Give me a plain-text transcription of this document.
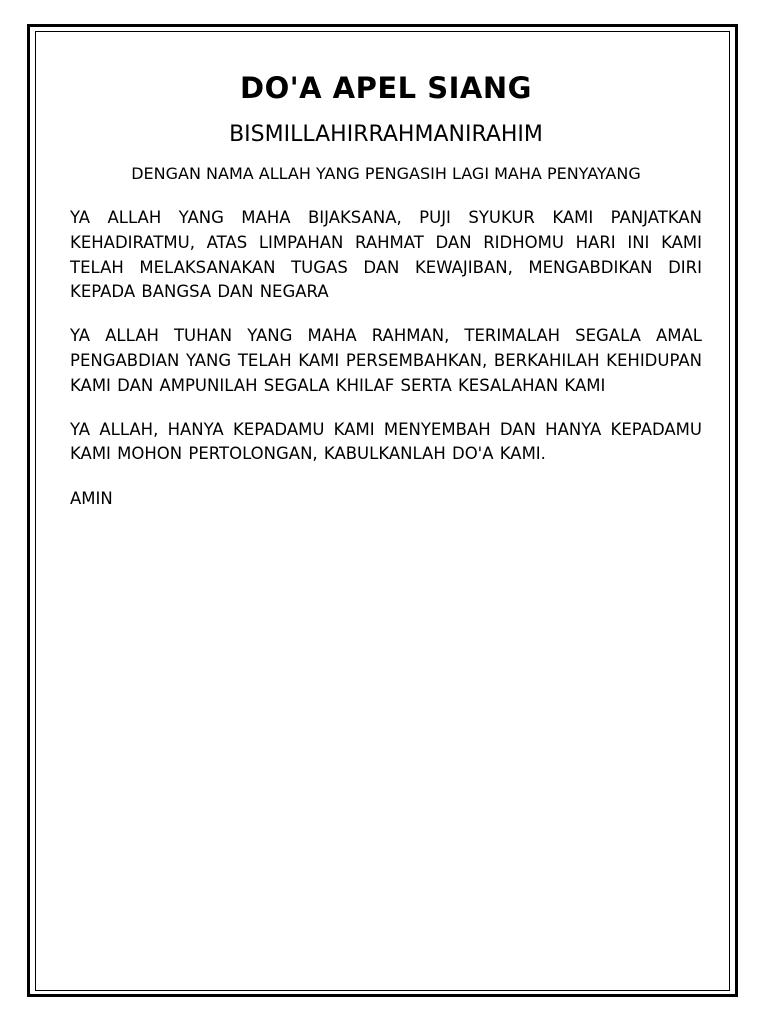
DO'A APEL SIANG

BISMILLAHIRRAHMANIRAHIM

DENGAN NAMA ALLAH YANG PENGASIH LAGI MAHA PENYAYANG

YA ALLAH YANG MAHA BIJAKSANA, PUJI SYUKUR KAMI PANJATKAN KEHADIRATMU, ATAS LIMPAHAN RAHMAT DAN RIDHOMU HARI INI KAMI TELAH MELAKSANAKAN TUGAS DAN KEWAJIBAN, MENGABDIKAN DIRI KEPADA BANGSA DAN NEGARA

YA ALLAH TUHAN YANG MAHA RAHMAN, TERIMALAH SEGALA AMAL PENGABDIAN YANG TELAH KAMI PERSEMBAHKAN, BERKAHILAH KEHIDUPAN KAMI DAN AMPUNILAH SEGALA KHILAF SERTA KESALAHAN KAMI

YA ALLAH, HANYA KEPADAMU KAMI MENYEMBAH DAN HANYA KEPADAMU KAMI MOHON PERTOLONGAN, KABULKANLAH DO'A KAMI.

AMIN
